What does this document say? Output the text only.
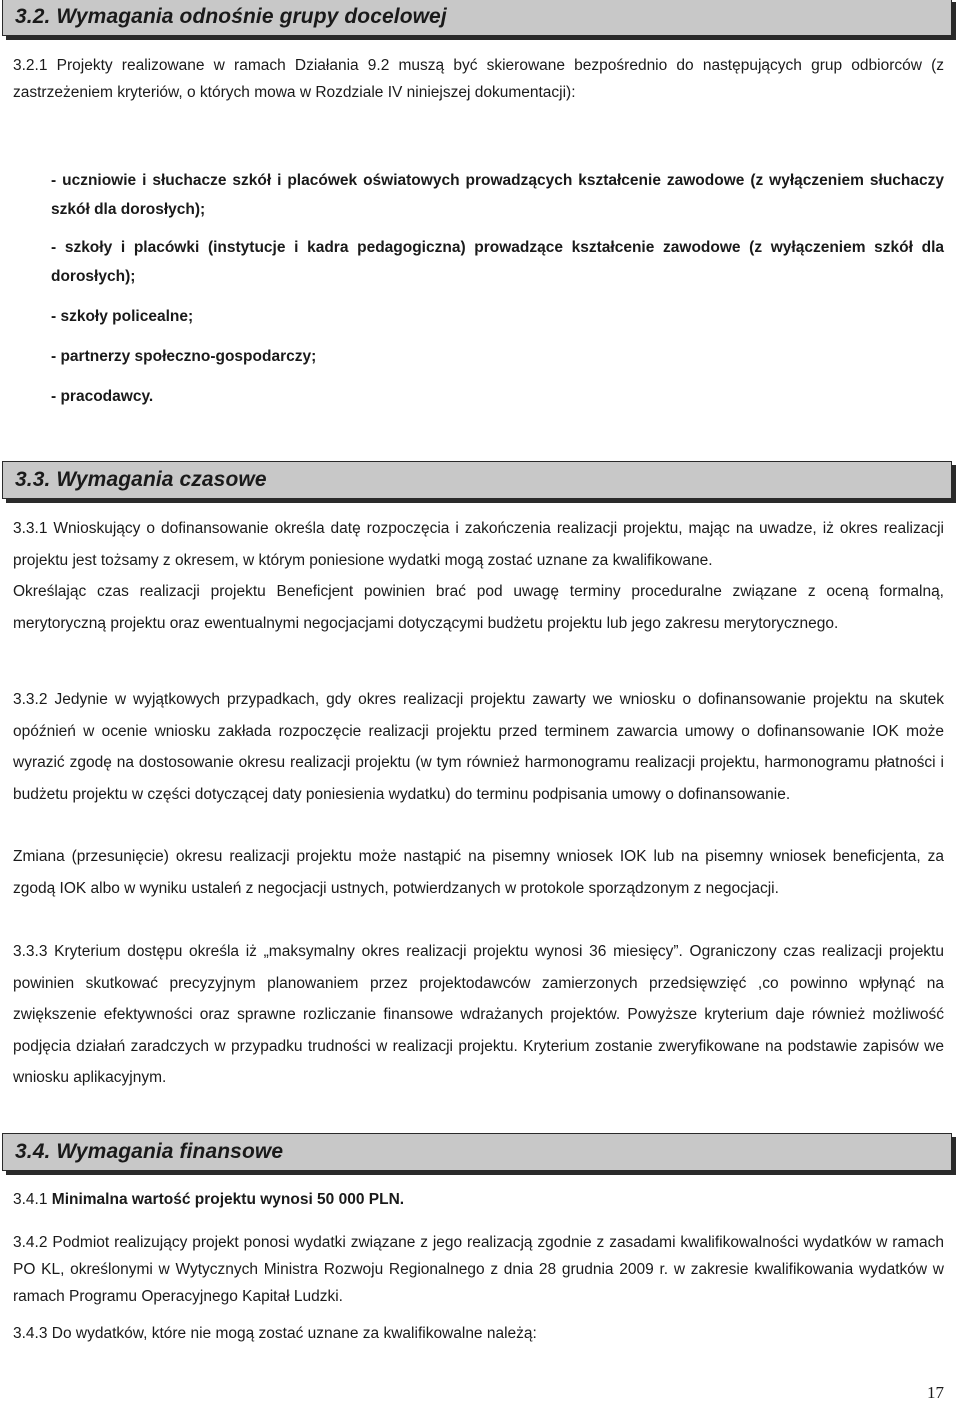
3.2. Wymagania odnośnie grupy docelowej

3.2.1 Projekty realizowane w ramach Działania 9.2 muszą być skierowane bezpośrednio do następujących grup odbiorców (z zastrzeżeniem kryteriów, o których mowa w Rozdziale IV niniejszej dokumentacji):

- uczniowie i słuchacze szkół i placówek oświatowych prowadzących kształcenie zawodowe (z wyłączeniem słuchaczy szkół dla dorosłych);

- szkoły i placówki (instytucje i kadra pedagogiczna) prowadzące kształcenie zawodowe (z wyłączeniem szkół dla dorosłych);

- szkoły policealne;

- partnerzy społeczno-gospodarczy;

- pracodawcy.

3.3. Wymagania czasowe

3.3.1 Wnioskujący o dofinansowanie określa datę rozpoczęcia i zakończenia realizacji projektu, mając na uwadze, iż okres realizacji projektu jest tożsamy z okresem, w którym poniesione wydatki mogą zostać uznane za kwalifikowane.

Określając czas realizacji projektu Beneficjent powinien brać pod uwagę terminy proceduralne związane z oceną formalną, merytoryczną projektu oraz ewentualnymi negocjacjami dotyczącymi budżetu projektu lub jego zakresu merytorycznego.

3.3.2 Jedynie w wyjątkowych przypadkach, gdy okres realizacji projektu zawarty we wniosku o dofinansowanie projektu na skutek opóźnień w ocenie wniosku zakłada rozpoczęcie realizacji projektu przed terminem zawarcia umowy o dofinansowanie IOK może wyrazić zgodę na dostosowanie okresu realizacji projektu (w tym również harmonogramu realizacji projektu, harmonogramu płatności i budżetu projektu w części dotyczącej daty poniesienia wydatku) do terminu podpisania umowy o dofinansowanie.

Zmiana (przesunięcie) okresu realizacji projektu może nastąpić na pisemny wniosek IOK lub na pisemny wniosek beneficjenta, za zgodą IOK albo w wyniku ustaleń z negocjacji ustnych, potwierdzanych w protokole sporządzonym z negocjacji.

3.3.3 Kryterium dostępu określa iż „maksymalny okres realizacji projektu wynosi 36 miesięcy”. Ograniczony czas realizacji projektu powinien skutkować precyzyjnym planowaniem przez projektodawców zamierzonych przedsięwzięć ,co powinno wpłynąć na zwiększenie efektywności oraz sprawne rozliczanie finansowe wdrażanych projektów. Powyższe kryterium daje również możliwość podjęcia działań zaradczych w przypadku trudności w realizacji projektu. Kryterium zostanie zweryfikowane na podstawie zapisów we wniosku aplikacyjnym.

3.4. Wymagania finansowe

3.4.1 Minimalna wartość projektu wynosi 50 000 PLN.

3.4.2 Podmiot realizujący projekt ponosi wydatki związane z jego realizacją zgodnie z zasadami kwalifikowalności wydatków w ramach PO KL, określonymi w Wytycznych Ministra Rozwoju Regionalnego z dnia 28 grudnia 2009 r. w zakresie kwalifikowania wydatków w ramach Programu Operacyjnego Kapitał Ludzki.

3.4.3 Do wydatków, które nie mogą zostać uznane za kwalifikowalne należą:

17
